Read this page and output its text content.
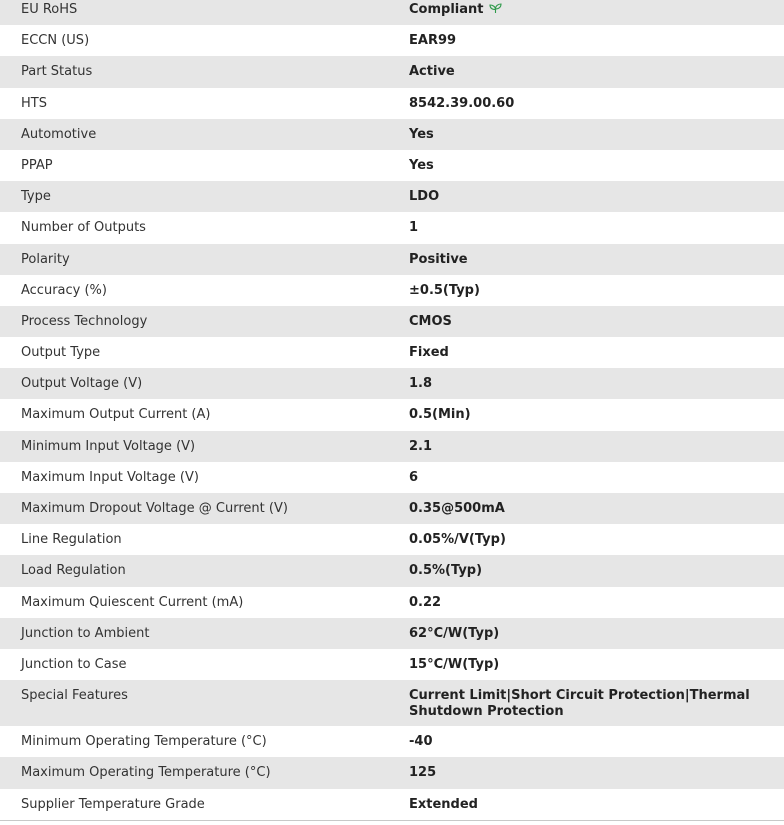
EU RoHS	Compliant
ECCN (US)	EAR99
Part Status	Active
HTS	8542.39.00.60
Automotive	Yes
PPAP	Yes
Type	LDO
Number of Outputs	1
Polarity	Positive
Accuracy (%)	±0.5(Typ)
Process Technology	CMOS
Output Type	Fixed
Output Voltage (V)	1.8
Maximum Output Current (A)	0.5(Min)
Minimum Input Voltage (V)	2.1
Maximum Input Voltage (V)	6
Maximum Dropout Voltage @ Current (V)	0.35@500mA
Line Regulation	0.05%/V(Typ)
Load Regulation	0.5%(Typ)
Maximum Quiescent Current (mA)	0.22
Junction to Ambient	62°C/W(Typ)
Junction to Case	15°C/W(Typ)
Special Features	Current Limit|Short Circuit Protection|Thermal Shutdown Protection
Minimum Operating Temperature (°C)	-40
Maximum Operating Temperature (°C)	125
Supplier Temperature Grade	Extended
